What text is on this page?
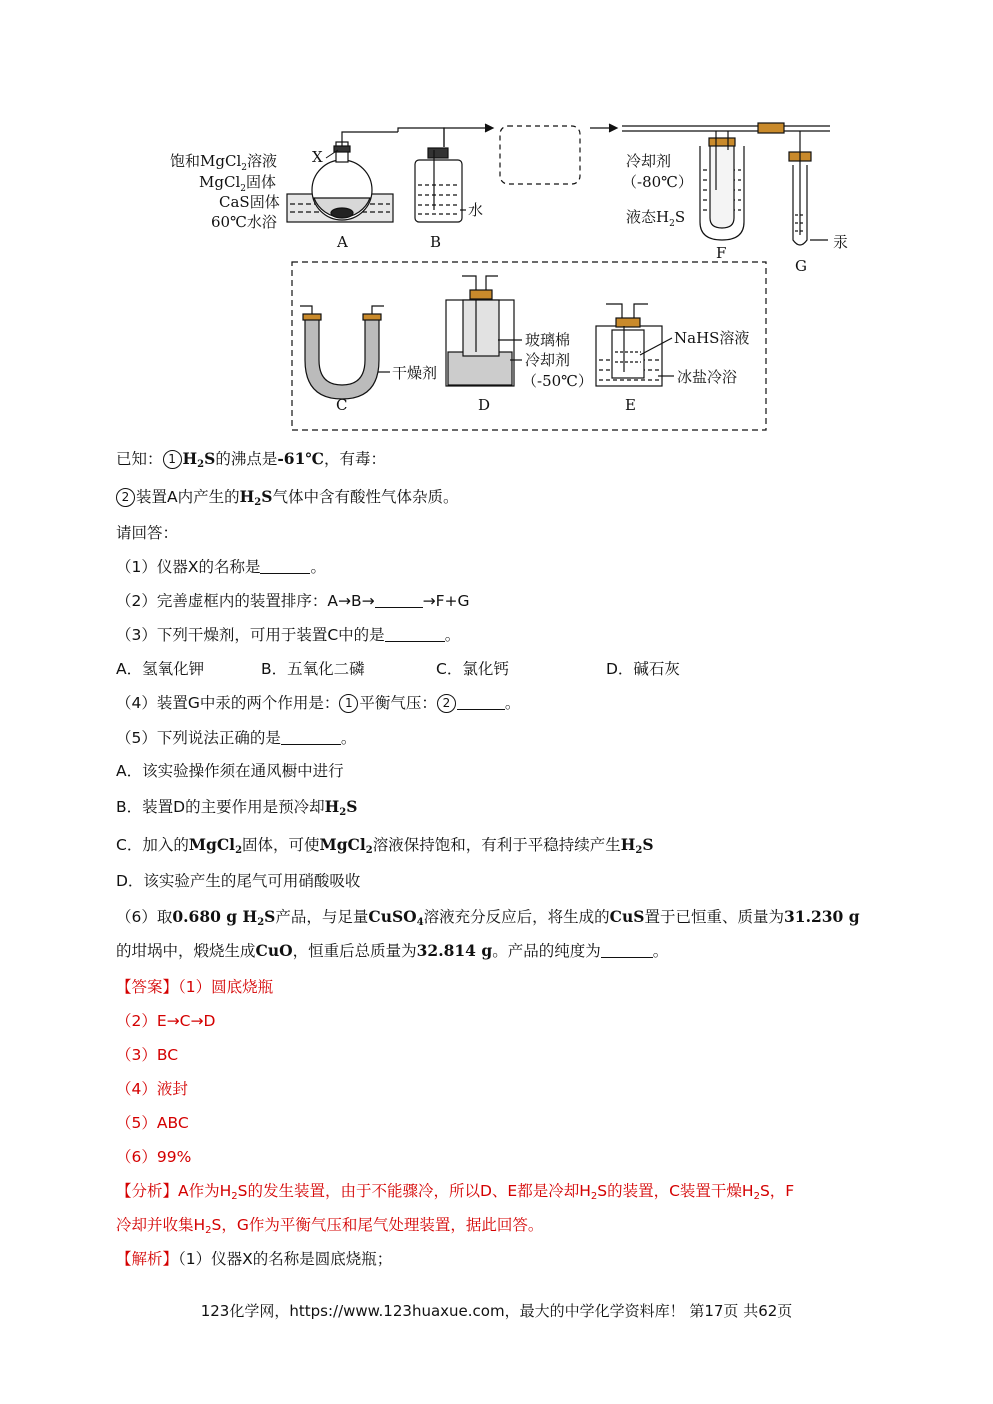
X
饱和MgCl$_2$溶液
MgCl$_2$固体
CaS固体
60℃水浴
A
水
B
冷却剂
（-80℃）
液态$H_2S$
F
汞
G
干燥剂
C
玻璃棉
冷却剂
（-50℃）
D
NaHS溶液
冰盐冷浴
E
已知： 1 $H_2S$的沸点是-61℃，有毒：
2 装置A内产生的$H_2S$气体中含有酸性气体杂质。
请回答：
（1）仪器X的名称是	。
（2）完善虚框内的装置排序：A→B→	→F+G
（3）下列干燥剂，可用于装置C中的是	。
A．氢氧化钾	B．五氧化二磷	C．氯化钙	D．碱石灰
（4）装置G中汞的两个作用是： 1 平衡气压： 2	。
（5）下列说法正确的是	。
A．该实验操作须在通风橱中进行
B．装置D的主要作用是预冷却$H_2S$
C．加入的MgCl$_2$固体，可使MgCl$_2$溶液保持饱和，有利于平稳持续产生$H_2S$
D．该实验产生的尾气可用硝酸吸收
（6）取0.680 g $H_2S$产品，与足量CuSO$_4$溶液充分反应后，将生成的CuS置于已恒重、质量为31.230 g
的坩埚中，煅烧生成CuO，恒重后总质量为32.814 g。产品的纯度为	。
【答案】（1）圆底烧瓶
（2）E→C→D
（3）BC
（4）液封
（5）ABC
（6）99%
【分析】A作为$H_2S$的发生装置，由于不能骤冷，所以D、E都是冷却$H_2S$的装置，C装置干燥$H_2S$，F
冷却并收集$H_2S$，G作为平衡气压和尾气处理装置，据此回答。
【解析】（1）仪器X的名称是圆底烧瓶；
123化学网，https://www.123huaxue.com，最大的中学化学资料库！ 第17页 共62页
